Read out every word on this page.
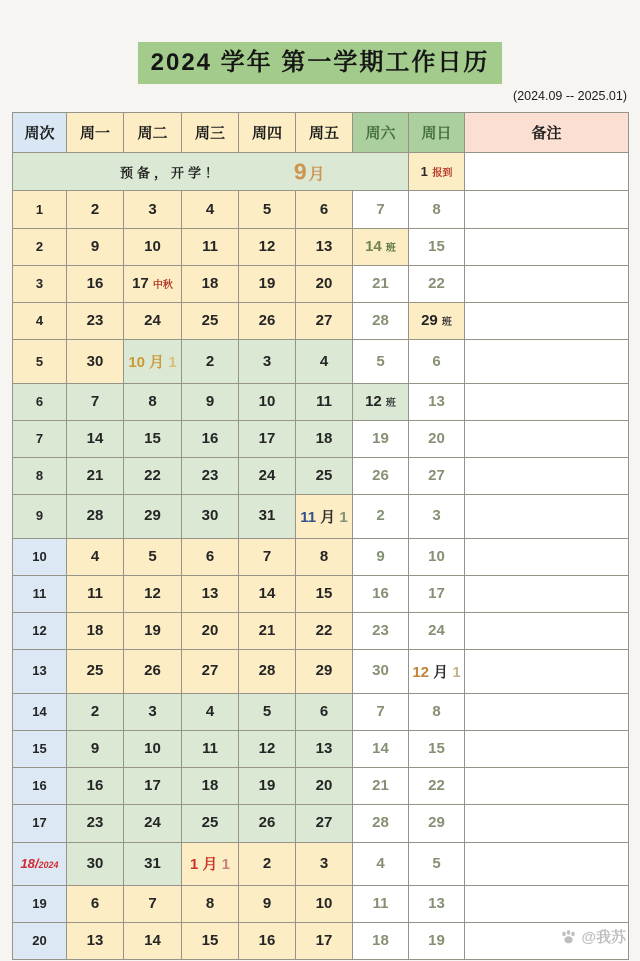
2024 学年 第一学期工作日历
(2024.09 -- 2025.01)
周次	周一	周二	周三	周四	周五	周六	周日	备注

预备，开学！ 9 月							1 报到	
1	2	3	4	5	6	7	8	
2	9	10	11	12	13	14 班	15	
3	16	17 中秋	18	19	20	21	22	
4	23	24	25	26	27	28	29 班	
5	30	10 月 1	2	3	4	5	6	
6	7	8	9	10	11	12 班	13	
7	14	15	16	17	18	19	20	
8	21	22	23	24	25	26	27	
9	28	29	30	31	11 月 1	2	3	
10	4	5	6	7	8	9	10	
11	11	12	13	14	15	16	17	
12	18	19	20	21	22	23	24	
13	25	26	27	28	29	30	12 月 1	
14	2	3	4	5	6	7	8	
15	9	10	11	12	13	14	15	
16	16	17	18	19	20	21	22	
17	23	24	25	26	27	28	29	
18/2024	30	31	1 月 1	2	3	4	5	
19	6	7	8	9	10	11	13	
20	13	14	15	16	17	18	19		@我苏
